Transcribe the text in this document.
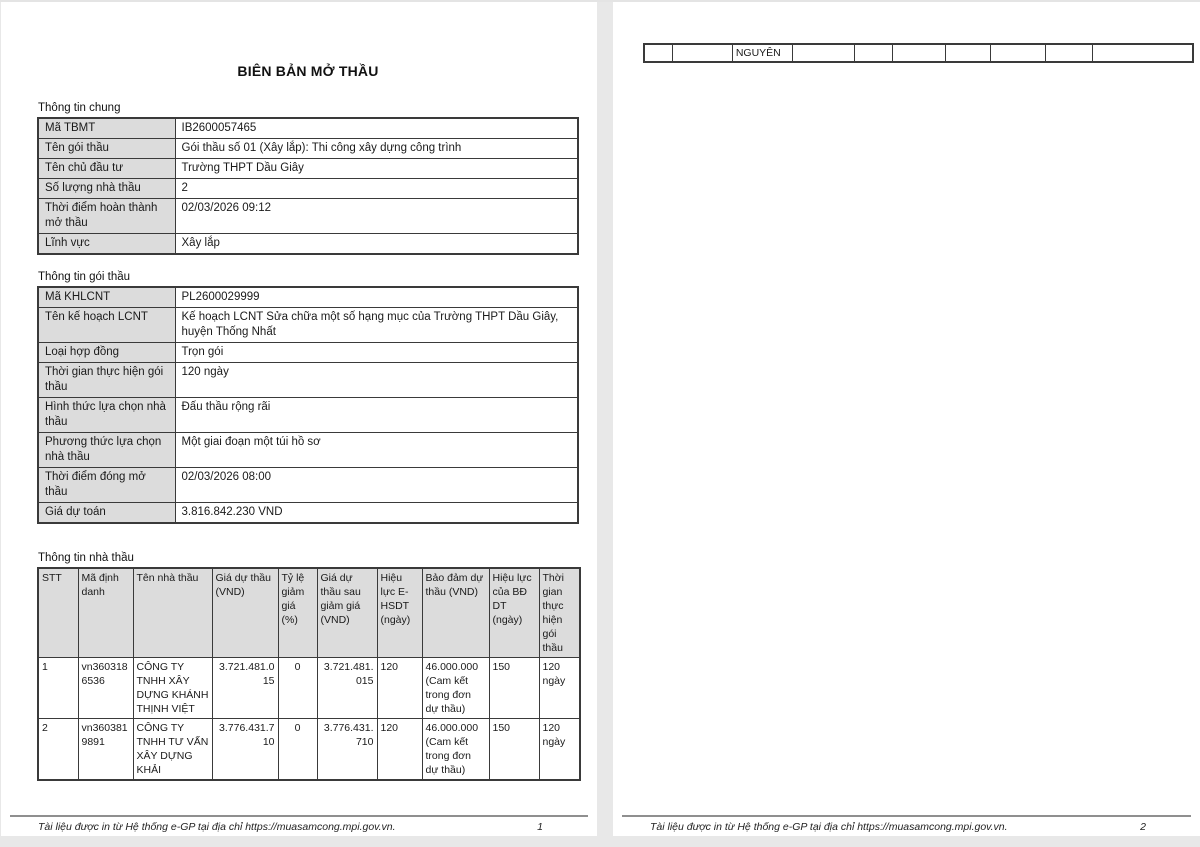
BIÊN BẢN MỞ THẦU
Thông tin chung
Mã TBMT	IB2600057465
Tên gói thầu	Gói thầu số 01 (Xây lắp): Thi công xây dựng công trình
Tên chủ đầu tư	Trường THPT Dầu Giây
Số lượng nhà thầu	2
Thời điểm hoàn thành mở thầu	02/03/2026 09:12
Lĩnh vực	Xây lắp
Thông tin gói thầu
Mã KHLCNT	PL2600029999
Tên kế hoạch LCNT	Kế hoạch LCNT Sửa chữa một số hạng mục của Trường THPT Dầu Giây, huyện Thống Nhất
Loại hợp đồng	Trọn gói
Thời gian thực hiện gói thầu	120 ngày
Hình thức lựa chọn nhà thầu	Đấu thầu rộng rãi
Phương thức lựa chọn nhà thầu	Một giai đoạn một túi hồ sơ
Thời điểm đóng mở thầu	02/03/2026 08:00
Giá dự toán	3.816.842.230 VND
Thông tin nhà thầu
STT	Mã định danh	Tên nhà thầu	Giá dự thầu (VND)	Tỷ lệ giảm giá (%)	Giá dự thầu sau giảm giá (VND)	Hiệu lực E-HSDT (ngày)	Bảo đảm dự thầu (VND)	Hiệu lực của BĐ DT (ngày)	Thời gian thực hiện gói thầu
1	vn3603186536	CÔNG TY TNHH XÂY DỰNG KHÁNH THỊNH VIỆT	3.721.481.015	0	3.721.481.015	120	46.000.000 (Cam kết trong đơn dự thầu)	150	120 ngày
2	vn3603819891	CÔNG TY TNHH TƯ VẤN XÂY DỰNG KHẢI	3.776.431.710	0	3.776.431.710	120	46.000.000 (Cam kết trong đơn dự thầu)	150	120 ngày
Tài liệu được in từ Hệ thống e-GP tại địa chỉ https://muasamcong.mpi.gov.vn.	1
		NGUYÊN							
Tài liệu được in từ Hệ thống e-GP tại địa chỉ https://muasamcong.mpi.gov.vn.	2
